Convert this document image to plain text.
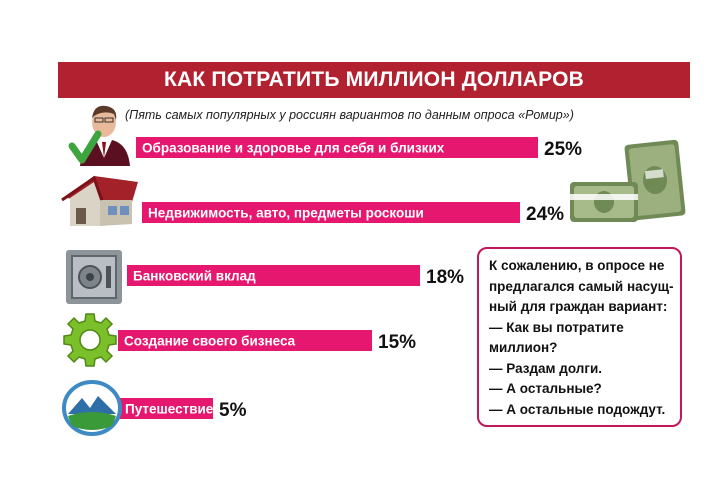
КАК ПОТРАТИТЬ МИЛЛИОН ДОЛЛАРОВ
(Пять самых популярных у россиян вариантов по данным опроса «Ромир»)
Образование и здоровье для себя и близких	25%
Недвижимость, авто, предметы роскоши	24%
Банковский вклад	18%
Создание своего бизнеса	15%
Путешествие 5%
К сожалению, в опросе не
предлагался самый насущ-
ный для граждан вариант:
— Как вы потратите
миллион?
— Раздам долги.
— А остальные?
— А остальные подождут.
